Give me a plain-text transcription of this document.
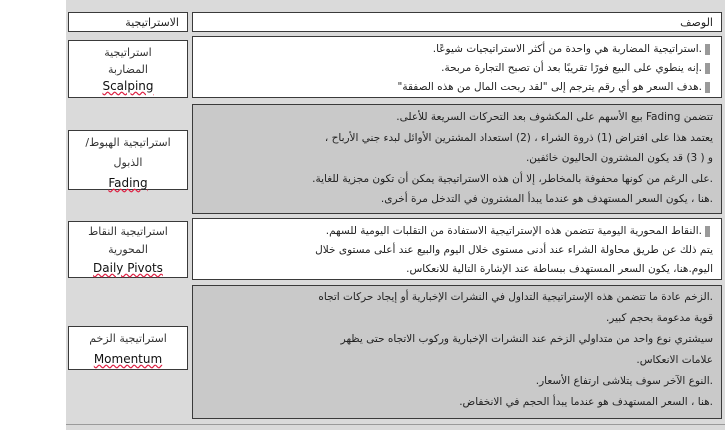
الاستراتيجية	الوصف
استراتيجية المضاربة
Scalping
.استراتيجية المضاربة هي واحدة من أكثر الاستراتيجيات شيوعًا.
.إنه ينطوي على البيع فورًا تقريبًا بعد أن تصبح التجارة مربحة.
.هدف السعر هو أي رقم يترجم إلى "لقد ربحت المال من هذه الصفقة"
استراتيجية الهبوط/ الذبول
Fading
تتضمن Fading بيع الأسهم على المكشوف بعد التحركات السريعة للأعلى.
يعتمد هذا على افتراض (1) ذروة الشراء ، (2) استعداد المشترين الأوائل لبدء جني الأرباح ،
و ( 3) قد يكون المشترون الحاليون خائفين.
.على الرغم من كونها محفوفة بالمخاطر، إلا أن هذه الاستراتيجية يمكن أن تكون مجزية للغاية.
.هنا ، يكون السعر المستهدف هو عندما يبدأ المشترون في التدخل مرة أخرى.
استراتيجية النقاط المحورية
Daily Pivots
.النقاط المحورية اليومية تتضمن هذه الإستراتيجية الاستفادة من التقلبات اليومية للسهم.
يتم ذلك عن طريق محاولة الشراء عند أدنى مستوى خلال اليوم والبيع عند أعلى مستوى خلال
اليوم.هنا، يكون السعر المستهدف ببساطة عند الإشارة التالية للانعكاس.
استراتيجية الزخم
Momentum
.الزخم عادة ما تتضمن هذه الإستراتيجية التداول في النشرات الإخبارية أو إيجاد حركات اتجاه
قوية مدعومة بحجم كبير.
سيشتري نوع واحد من متداولي الزخم عند النشرات الإخبارية وركوب الاتجاه حتى يظهر
علامات الانعكاس.
.النوع الآخر سوف يتلاشى ارتفاع الأسعار.
.هنا ، السعر المستهدف هو عندما يبدأ الحجم في الانخفاض.
